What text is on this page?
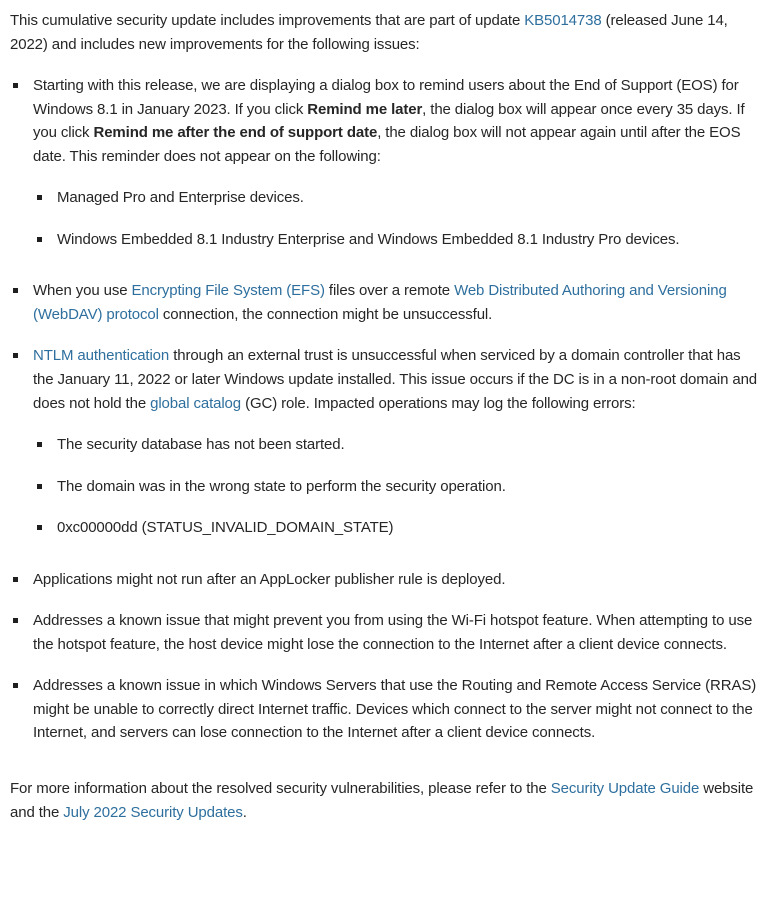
This cumulative security update includes improvements that are part of update KB5014738 (released June 14, 2022) and includes new improvements for the following issues:

Starting with this release, we are displaying a dialog box to remind users about the End of Support (EOS) for Windows 8.1 in January 2023. If you click Remind me later, the dialog box will appear once every 35 days. If you click Remind me after the end of support date, the dialog box will not appear again until after the EOS date. This reminder does not appear on the following:
Managed Pro and Enterprise devices.
Windows Embedded 8.1 Industry Enterprise and Windows Embedded 8.1 Industry Pro devices.
When you use Encrypting File System (EFS) files over a remote Web Distributed Authoring and Versioning (WebDAV) protocol connection, the connection might be unsuccessful.
NTLM authentication through an external trust is unsuccessful when serviced by a domain controller that has the January 11, 2022 or later Windows update installed. This issue occurs if the DC is in a non-root domain and does not hold the global catalog (GC) role. Impacted operations may log the following errors:
The security database has not been started.
The domain was in the wrong state to perform the security operation.
0xc00000dd (STATUS_INVALID_DOMAIN_STATE)
Applications might not run after an AppLocker publisher rule is deployed.
Addresses a known issue that might prevent you from using the Wi-Fi hotspot feature. When attempting to use the hotspot feature, the host device might lose the connection to the Internet after a client device connects.
Addresses a known issue in which Windows Servers that use the Routing and Remote Access Service (RRAS) might be unable to correctly direct Internet traffic. Devices which connect to the server might not connect to the Internet, and servers can lose connection to the Internet after a client device connects.

For more information about the resolved security vulnerabilities, please refer to the Security Update Guide website and the July 2022 Security Updates.
